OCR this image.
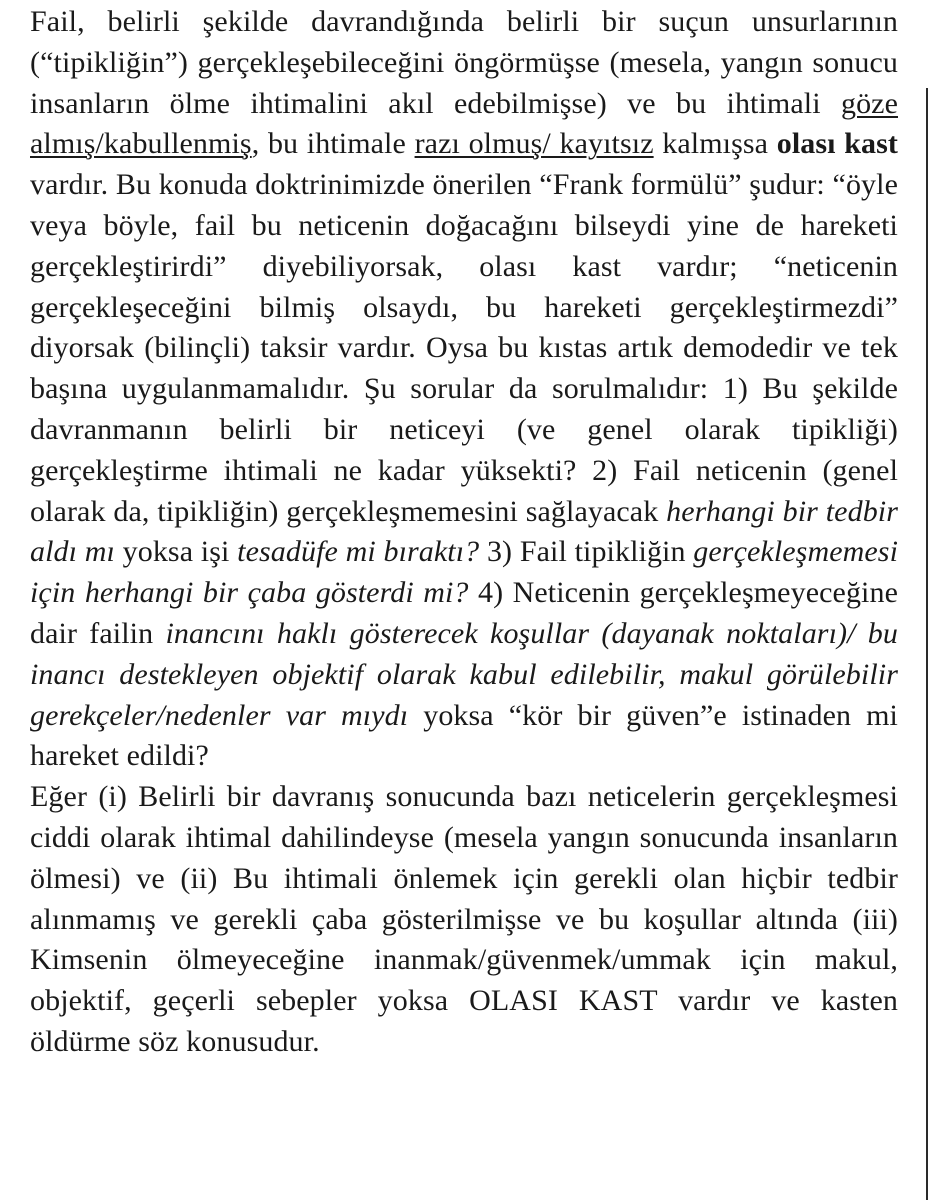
Fail, belirli şekilde davrandığında belirli bir suçun unsurlarının (“tipikliğin”) gerçekleşebileceğini öngörmüşse (mesela, yangın sonucu insanların ölme ihtimalini akıl edebilmişse) ve bu ihtimali göze almış/kabullenmiş, bu ihtimale razı olmuş/ kayıtsız kalmışsa olası kast vardır. Bu konuda doktrinimizde önerilen “Frank formülü” şudur: “öyle veya böyle, fail bu neticenin doğacağını bilseydi yine de hareketi gerçekleştirirdi” diyebiliyorsak, olası kast vardır; “neticenin gerçekleşeceğini bilmiş olsaydı, bu hareketi gerçekleştirmezdi” diyorsak (bilinçli) taksir vardır. Oysa bu kıstas artık demodedir ve tek başına uygulanmamalıdır. Şu sorular da sorulmalıdır: 1) Bu şekilde davranmanın belirli bir neticeyi (ve genel olarak tipikliği) gerçekleştirme ihtimali ne kadar yüksekti? 2) Fail neticenin (genel olarak da, tipikliğin) gerçekleşmemesini sağlayacak herhangi bir tedbir aldı mı yoksa işi tesadüfe mi bıraktı? 3) Fail tipikliğin gerçekleşmemesi için herhangi bir çaba gösterdi mi? 4) Neticenin gerçekleşmeyeceğine dair failin inancını haklı gösterecek koşullar (dayanak noktaları)/ bu inancı destekleyen objektif olarak kabul edilebilir, makul görülebilir gerekçeler/nedenler var mıydı yoksa “kör bir güven”e istinaden mi hareket edildi?

Eğer (i) Belirli bir davranış sonucunda bazı neticelerin gerçekleşmesi ciddi olarak ihtimal dahilindeyse (mesela yangın sonucunda insanların ölmesi) ve (ii) Bu ihtimali önlemek için gerekli olan hiçbir tedbir alınmamış ve gerekli çaba gösterilmişse ve bu koşullar altında (iii) Kimsenin ölmeyeceğine inanmak/güvenmek/ummak için makul, objektif, geçerli sebepler yoksa OLASI KAST vardır ve kasten öldürme söz konusudur.
